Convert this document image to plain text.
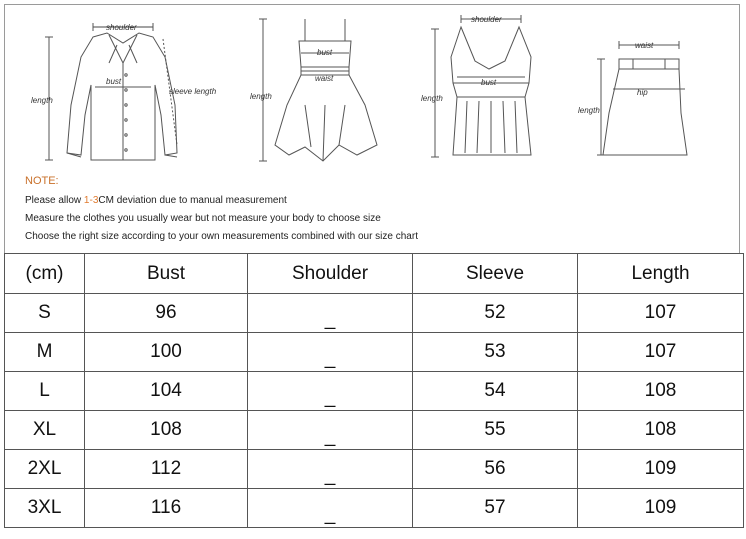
shoulder
bust
sleeve length
length
bust
waist
length
shoulder
bust
length
waist
hip
length

NOTE:

Please allow 1-3CM deviation due to manual measurement

Measure the clothes you usually wear but not measure your body to choose size

Choose the right size according to your own measurements combined with our size chart

(cm)	Bust	Shoulder	Sleeve	Length
S	96	_	52	107
M	100	_	53	107
L	104	_	54	108
XL	108	_	55	108
2XL	112	_	56	109
3XL	116	_	57	109
